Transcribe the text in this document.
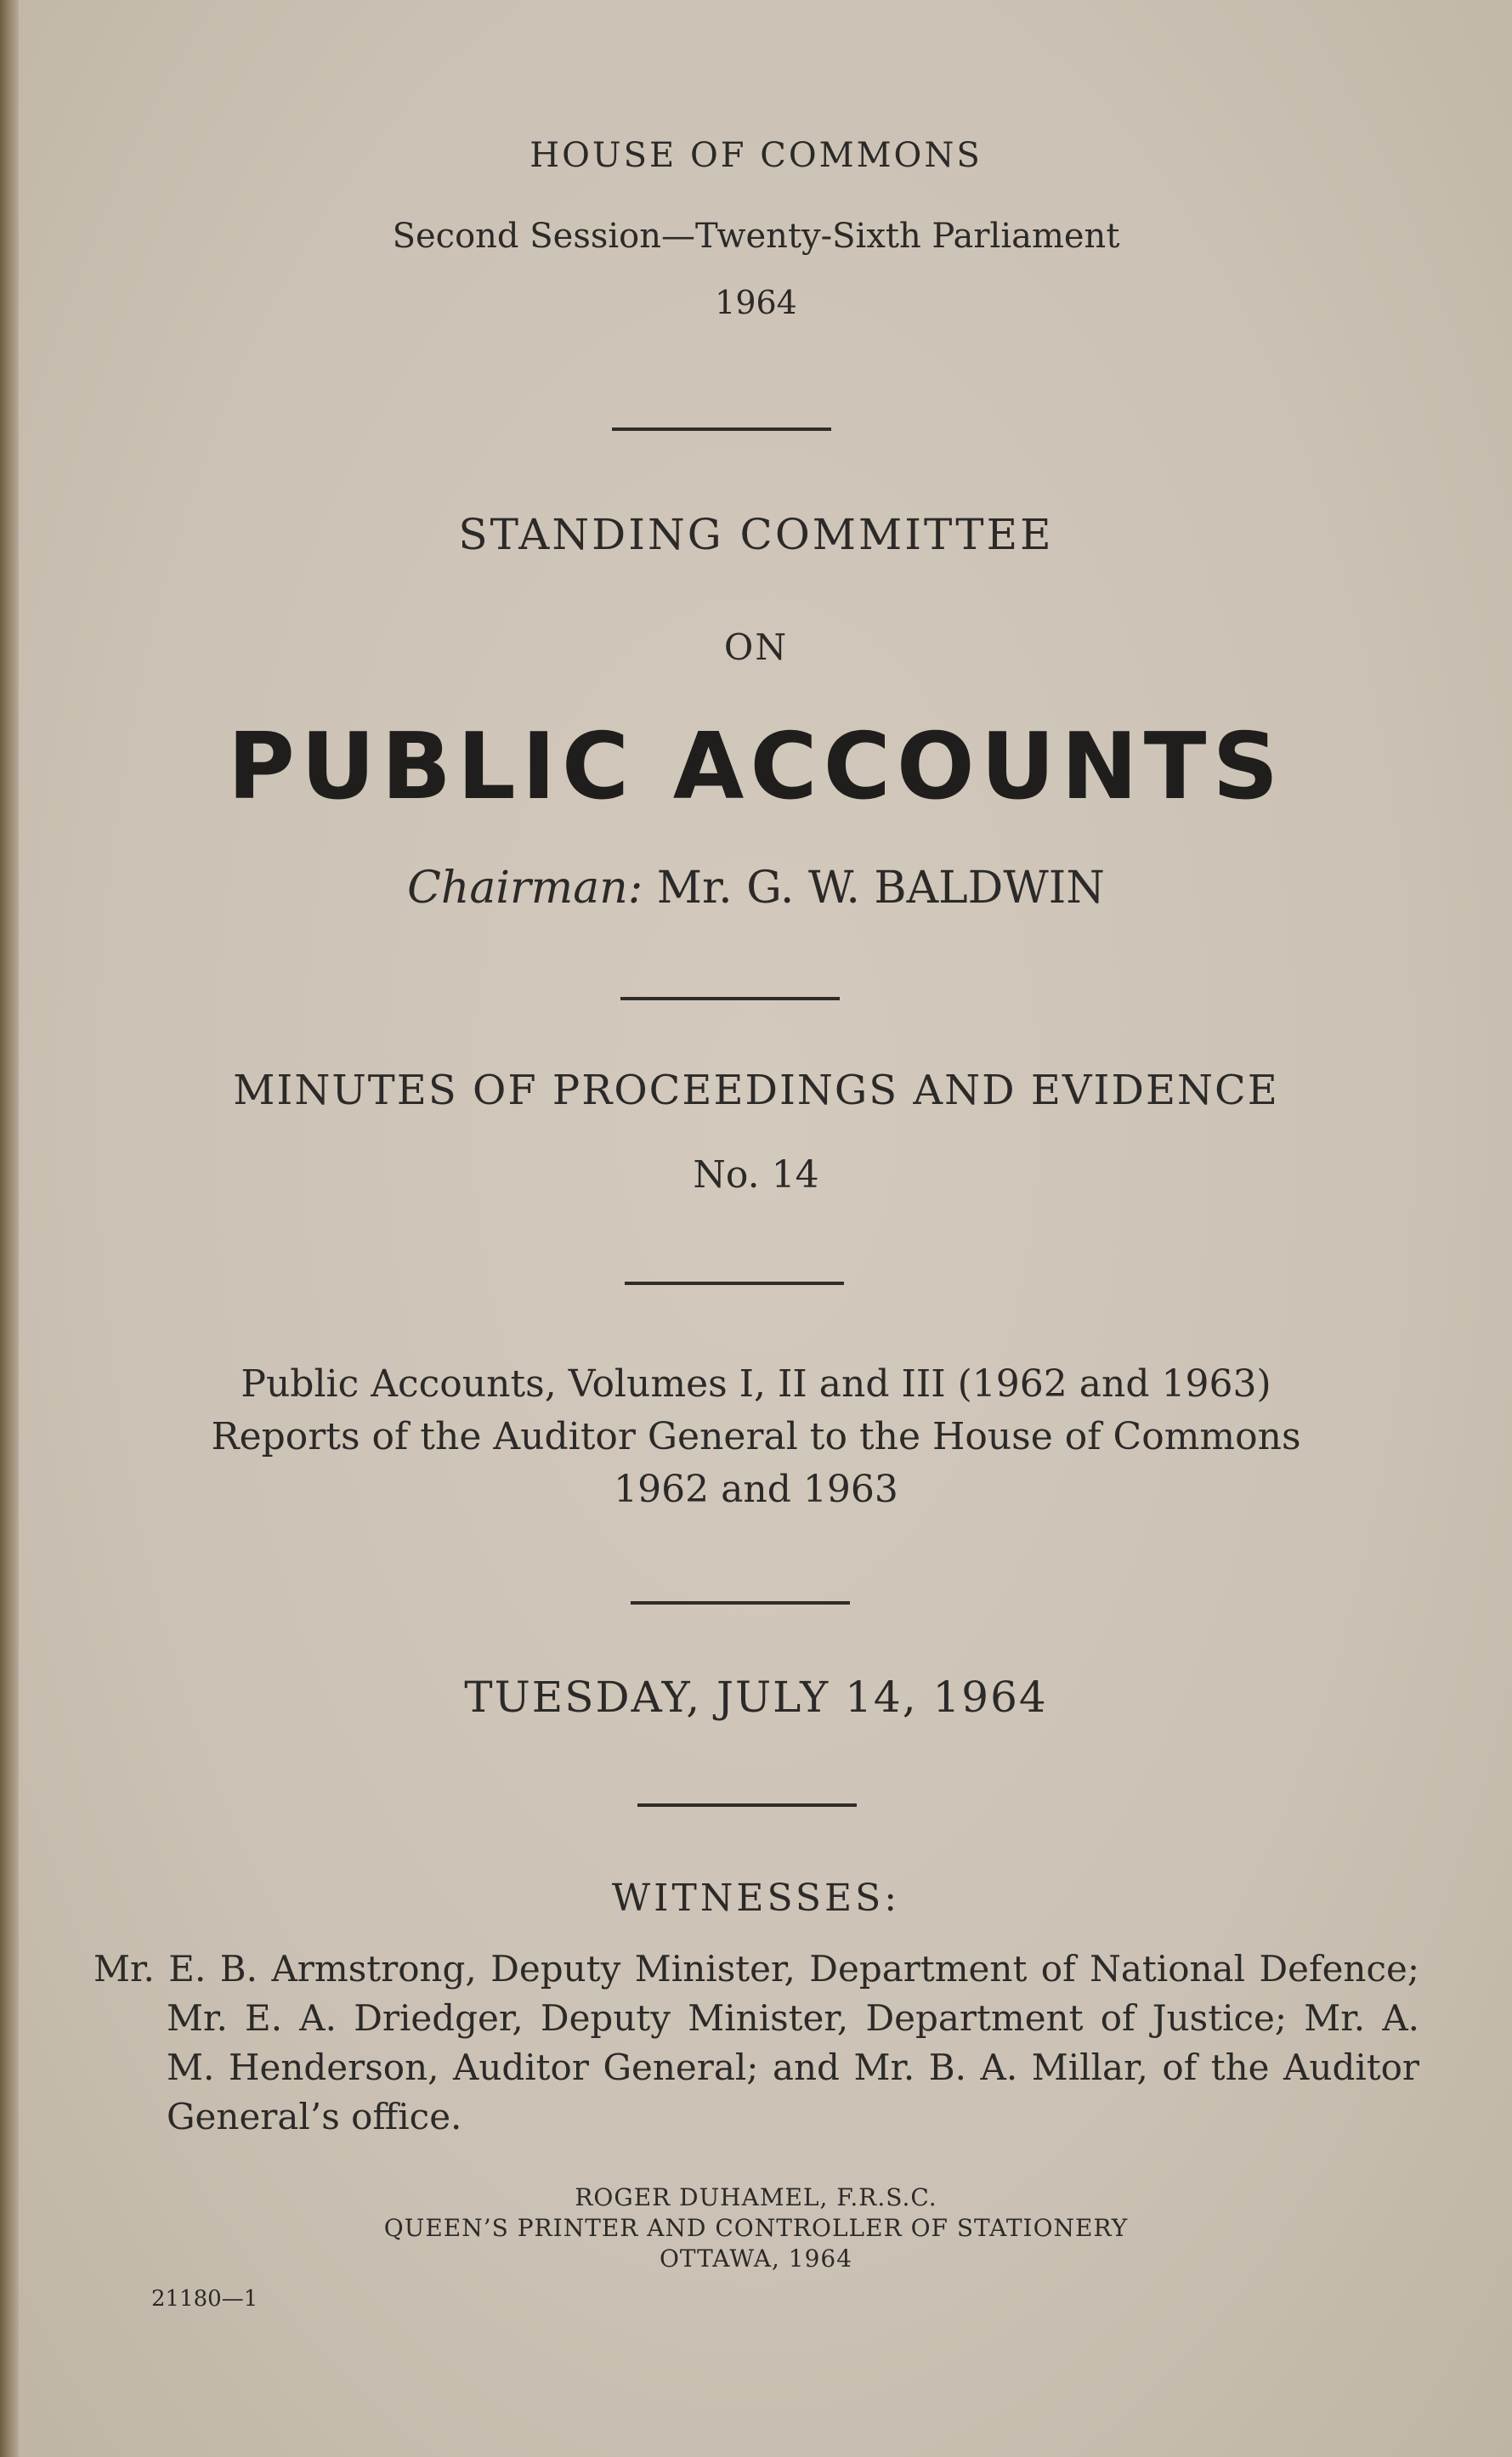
HOUSE OF COMMONS
Second Session—Twenty-Sixth Parliament
1964
STANDING COMMITTEE
ON
PUBLIC ACCOUNTS
Chairman: Mr. G. W. BALDWIN
MINUTES OF PROCEEDINGS AND EVIDENCE
No. 14
Public Accounts, Volumes I, II and III (1962 and 1963)
Reports of the Auditor General to the House of Commons
1962 and 1963
TUESDAY, JULY 14, 1964
WITNESSES:
Mr. E. B. Armstrong, Deputy Minister, Department of National Defence; Mr. E. A. Driedger, Deputy Minister, Department of Justice; Mr. A. M. Henderson, Auditor General; and Mr. B. A. Millar, of the Auditor General’s office.
ROGER DUHAMEL, F.R.S.C.
QUEEN’S PRINTER AND CONTROLLER OF STATIONERY
OTTAWA, 1964
21180—1
